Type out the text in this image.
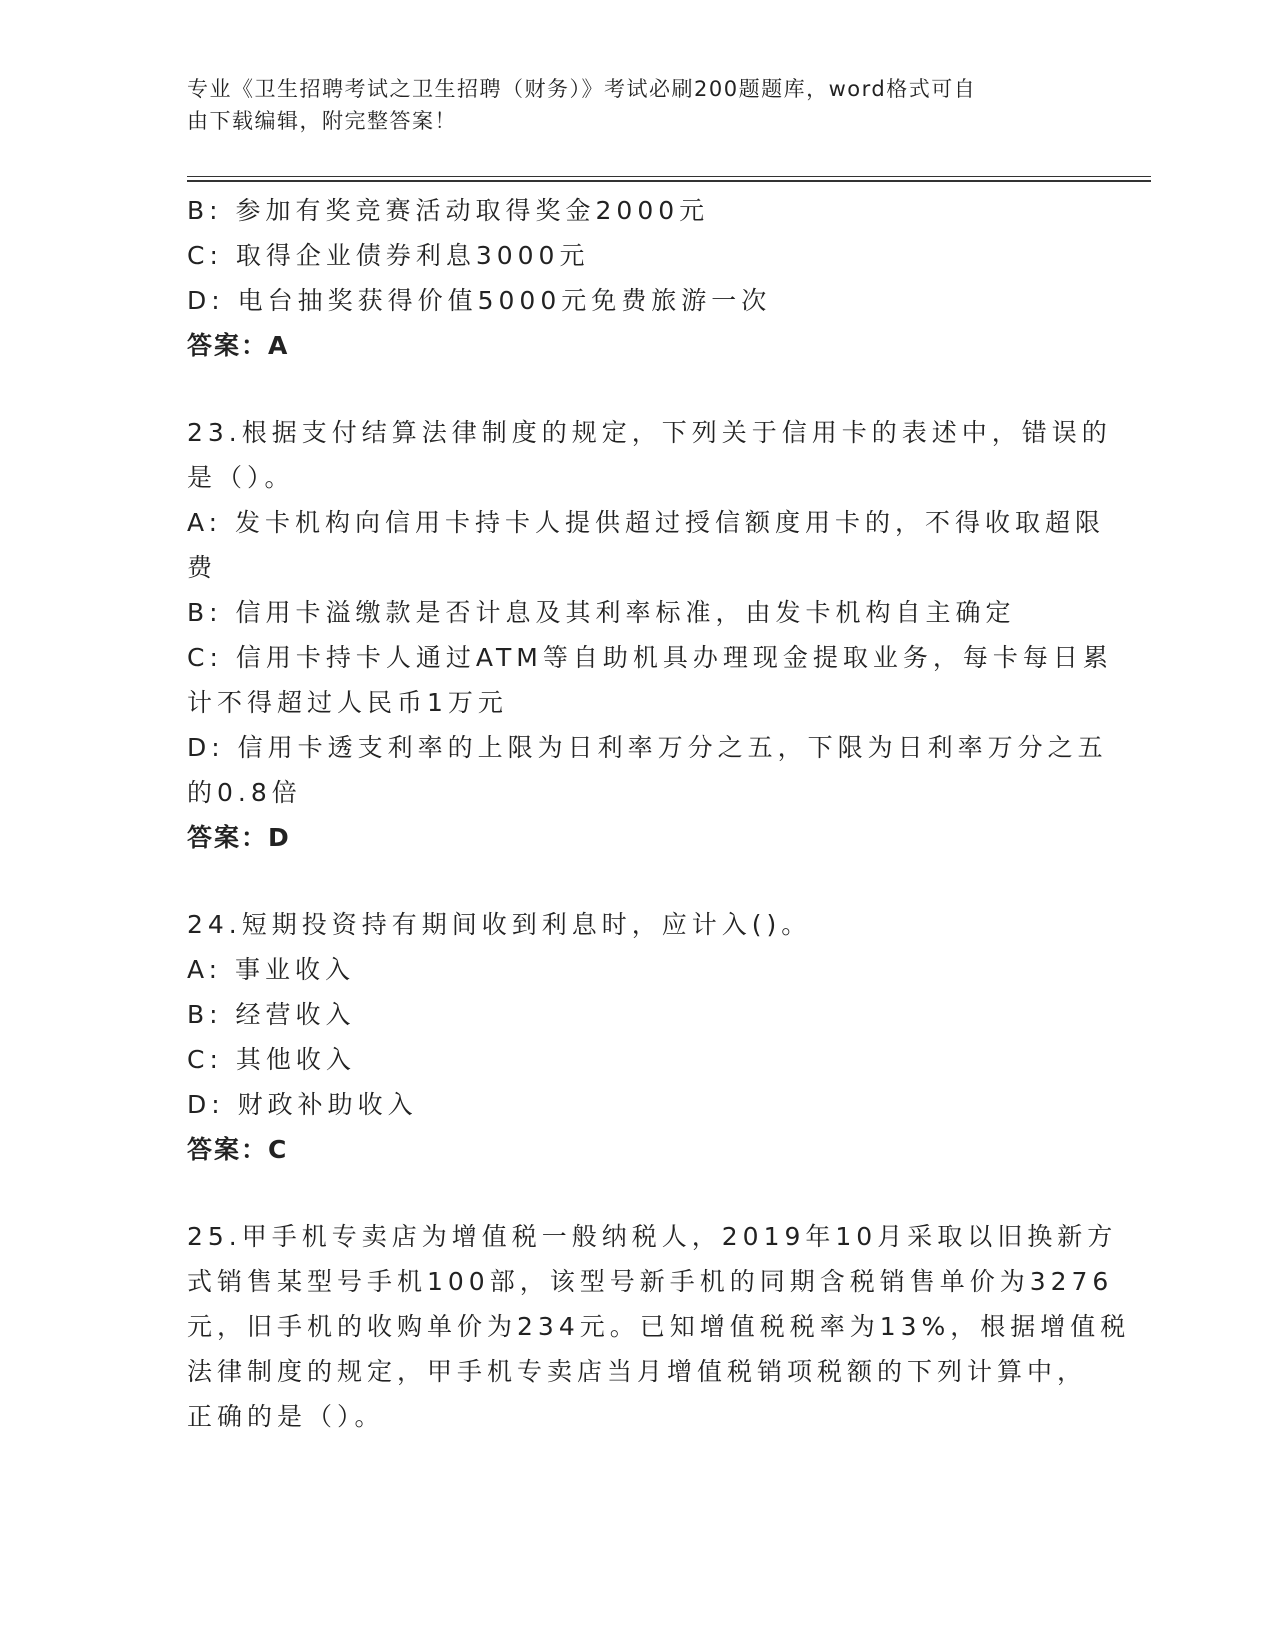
专业《卫生招聘考试之卫生招聘（财务）》考试必刷200题题库，word格式可自
由下载编辑，附完整答案！
B: 参加有奖竞赛活动取得奖金2000元
C: 取得企业债券利息3000元
D: 电台抽奖获得价值5000元免费旅游一次
答案：A
23.根据支付结算法律制度的规定，下列关于信用卡的表述中，错误的
是（）。
A: 发卡机构向信用卡持卡人提供超过授信额度用卡的，不得收取超限
费
B: 信用卡溢缴款是否计息及其利率标准，由发卡机构自主确定
C: 信用卡持卡人通过ATM等自助机具办理现金提取业务，每卡每日累
计不得超过人民币1万元
D: 信用卡透支利率的上限为日利率万分之五，下限为日利率万分之五
的0.8倍
答案：D
24.短期投资持有期间收到利息时，应计入()。
A: 事业收入
B: 经营收入
C: 其他收入
D: 财政补助收入
答案：C
25.甲手机专卖店为增值税一般纳税人，2019年10月采取以旧换新方
式销售某型号手机100部，该型号新手机的同期含税销售单价为3276
元，旧手机的收购单价为234元。已知增值税税率为13%，根据增值税
法律制度的规定，甲手机专卖店当月增值税销项税额的下列计算中，
正确的是（）。
